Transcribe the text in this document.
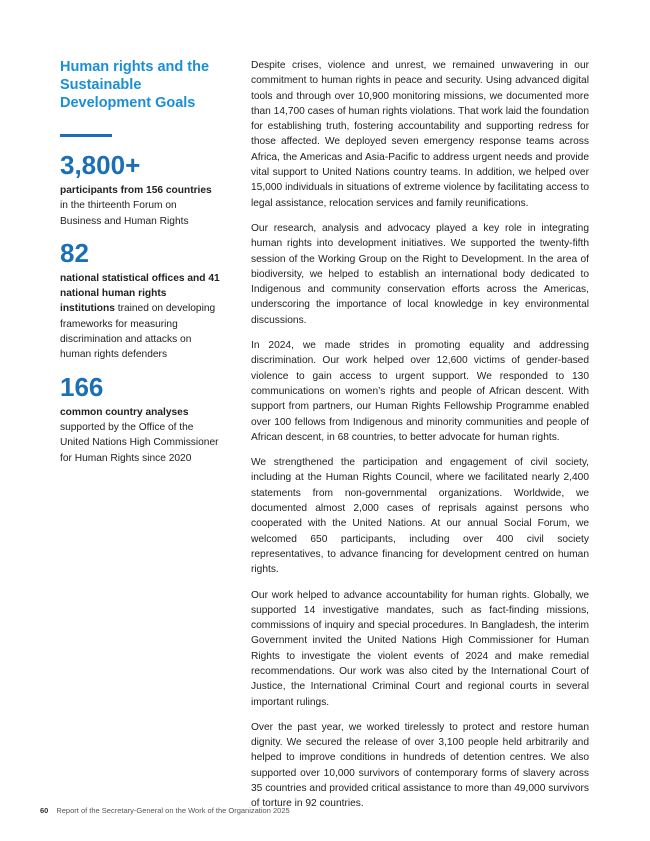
Human rights and the Sustainable Development Goals
3,800+
participants from 156 countries in the thirteenth Forum on Business and Human Rights
82
national statistical offices and 41 national human rights institutions trained on developing frameworks for measuring discrimination and attacks on human rights defenders
166
common country analyses supported by the Office of the United Nations High Commissioner for Human Rights since 2020

Despite crises, violence and unrest, we remained unwavering in our commitment to human rights in peace and security. Using advanced digital tools and through over 10,900 monitoring missions, we documented more than 14,700 cases of human rights violations. That work laid the foundation for establishing truth, fostering accountability and supporting redress for those affected. We deployed seven emergency response teams across Africa, the Americas and Asia-Pacific to address urgent needs and provide vital support to United Nations country teams. In addition, we helped over 15,000 individuals in situations of extreme violence by facilitating access to legal assistance, relocation services and family reunifications.

Our research, analysis and advocacy played a key role in integrating human rights into development initiatives. We supported the twenty-fifth session of the Working Group on the Right to Development. In the area of biodiversity, we helped to establish an international body dedicated to Indigenous and community conservation efforts across the Americas, underscoring the importance of local knowledge in key environmental discussions.

In 2024, we made strides in promoting equality and addressing discrimination. Our work helped over 12,600 victims of gender-based violence to gain access to urgent support. We responded to 130 communications on women’s rights and people of African descent. With support from partners, our Human Rights Fellowship Programme enabled over 100 fellows from Indigenous and minority communities and people of African descent, in 68 countries, to better advocate for human rights.

We strengthened the participation and engagement of civil society, including at the Human Rights Council, where we facilitated nearly 2,400 statements from non-governmental organizations. Worldwide, we documented almost 2,000 cases of reprisals against persons who cooperated with the United Nations. At our annual Social Forum, we welcomed 650 participants, including over 400 civil society representatives, to advance financing for development centred on human rights.

Our work helped to advance accountability for human rights. Globally, we supported 14 investigative mandates, such as fact-finding missions, commissions of inquiry and special procedures. In Bangladesh, the interim Government invited the United Nations High Commissioner for Human Rights to investigate the violent events of 2024 and make remedial recommendations. Our work was also cited by the International Court of Justice, the International Criminal Court and regional courts in several important rulings.

Over the past year, we worked tirelessly to protect and restore human dignity. We secured the release of over 3,100 people held arbitrarily and helped to improve conditions in hundreds of detention centres. We also supported over 10,000 survivors of contemporary forms of slavery across 35 countries and provided critical assistance to more than 49,000 survivors of torture in 92 countries.

60 Report of the Secretary-General on the Work of the Organization 2025
